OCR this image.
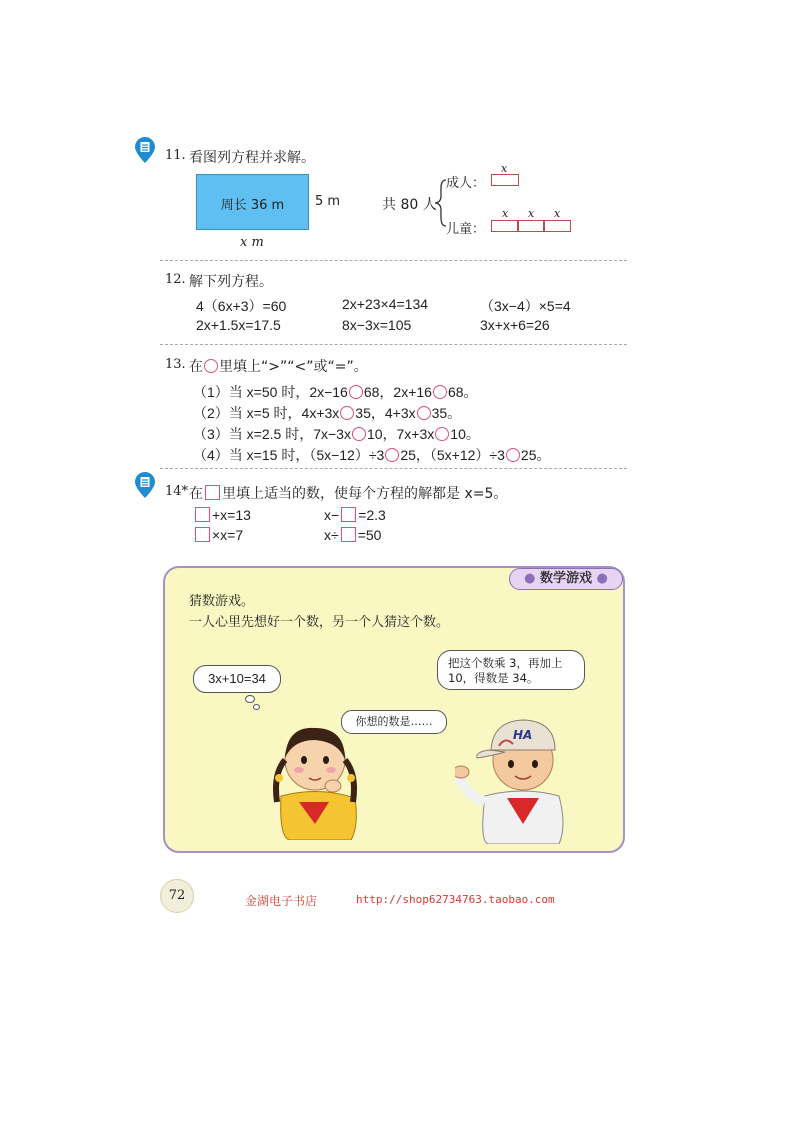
11. 看图列方程并求解。
周长 36 m	5 m
x m
共 80 人
成人：
儿童：
x
x x x
12. 解下列方程。
4（6x+3）=60	2x+23×4=134	（3x−4）×5=4
2x+1.5x=17.5	8x−3x=105	3x+x+6=26
13. 在 里填上“>”“<”或“=”。
（1）当 x=50 时，2x−16 68，2x+16 68。
（2）当 x=5 时，4x+3x 35，4+3x 35。
（3）当 x=2.5 时，7x−3x 10，7x+3x 10。
（4）当 x=15 时，（5x−12）÷3 25，（5x+12）÷3 25。
14* 在 里填上适当的数，使每个方程的解都是 x=5。
+x=13	x− =2.3
×x=7	x÷ =50
● 数学游戏 ●
猜数游戏。
一人心里先想好一个数，另一个人猜这个数。
3x+10=34
你想的数是……
把这个数乘 3，再加上
10，得数是 34。
HA
72	金湖电子书店	http://shop62734763.taobao.com
